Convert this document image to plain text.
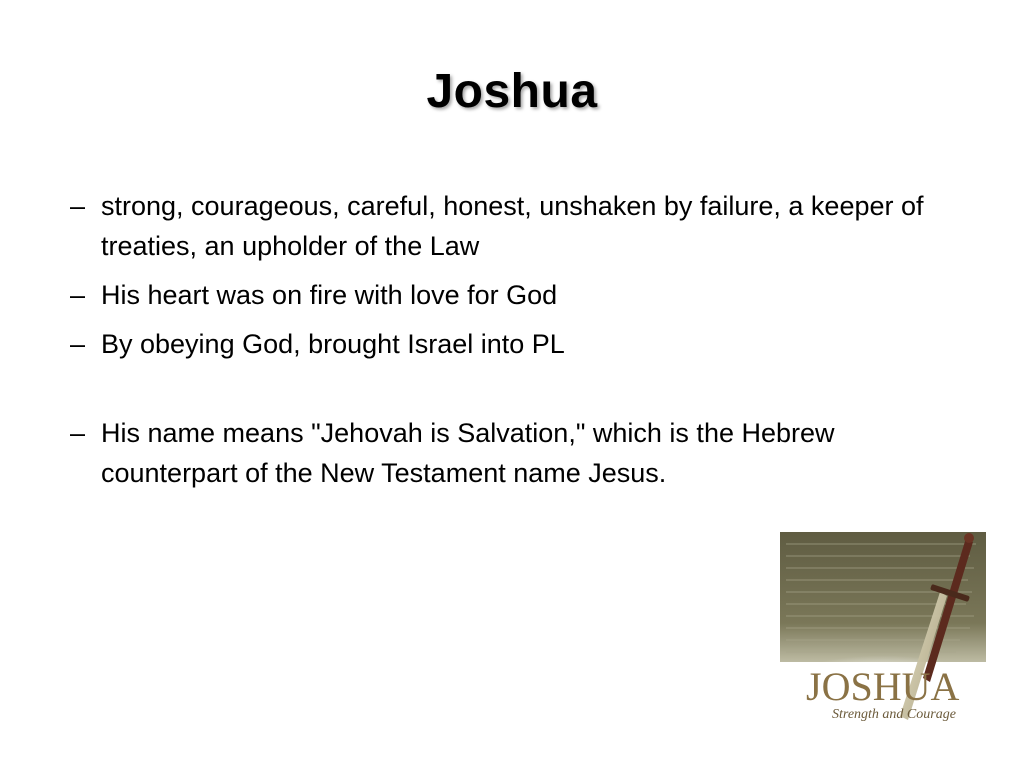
Joshua
– strong, courageous, careful, honest, unshaken by failure, a keeper of treaties, an upholder of the Law
– His heart was on fire with love for God
– By obeying God, brought Israel into PL
– His name means "Jehovah is Salvation," which is the Hebrew counterpart of the New Testament name Jesus.
JOSHUA
Strength and Courage
